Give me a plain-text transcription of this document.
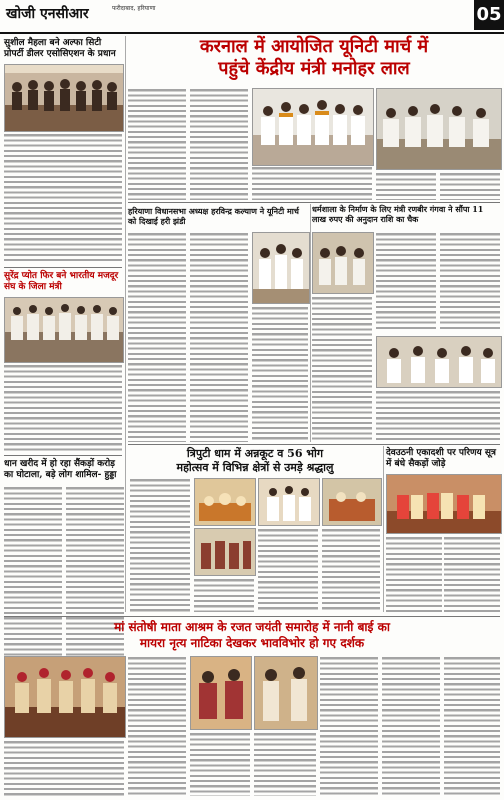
खोजी एनसीआर	फरीदाबाद, हरियाणा	05
सुशील मैहला बने अल्फा सिटी प्रोपर्टी डीलर एसोसिएशन के प्रधान
सुरेंद्र प्योत फिर बने भारतीय मजदूर संघ के जिला मंत्री
धान खरीद में हो रहा सैंकड़ों करोड़ का घोटाला, बड़े लोग शामिल- हुड्डा
करनाल में आयोजित यूनिटी मार्च में
पहुंचे केंद्रीय मंत्री मनोहर लाल
हरियाणा विधानसभा अध्यक्ष हरविन्द्र कल्याण ने यूनिटी मार्च को दिखाई हरी झंडी
धर्मशाला के निर्माण के लिए मंत्री रणबीर गंगवा ने सौंपा 11 लाख रुपए की अनुदान राशि का चैक
त्रिपुटी धाम में अन्नकूट व 56 भोग
महोत्सव में विभिन्न क्षेत्रों से उमड़े श्रद्धालु
देवउठनी एकादशी पर परिणय सूत्र में बंधे सैकड़ों जोड़े
मां संतोषी माता आश्रम के रजत जयंती समारोह में नानी बाई का
मायरा नृत्य नाटिका देखकर भावविभोर हो गए दर्शक
